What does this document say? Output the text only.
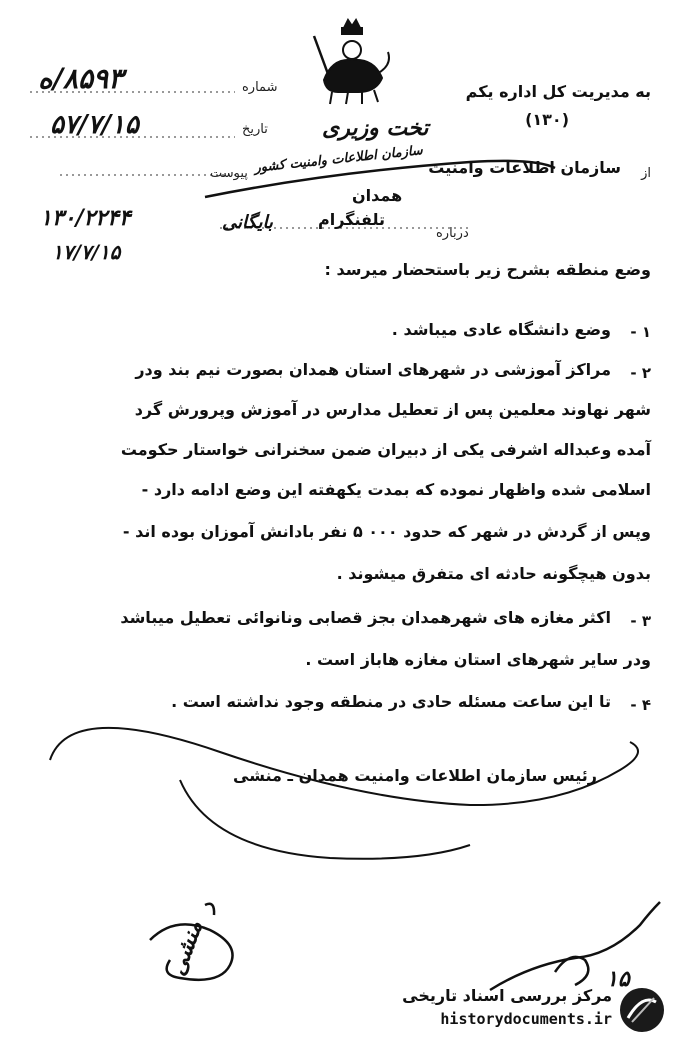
به مدیریت کل اداره یکم
(۱۳۰)
از
سازمان اطلاعات وامنیت
تخت وزیری
سازمان اطلاعات وامنیت کشور
همدان
تلفنگرام
درباره
بایگانی
شماره
۸۵۹۳/ه
تاریخ
۵۷/۷/۱۵
پیوست
۱۳۰/۲۲۴۴
۱۷/۷/۱۵
وضع منطقه بشرح زیر باستحضار میرسد :
۱ -
وضع دانشگاه عادی میباشد .
۲ -
مراکز آموزشی در شهرهای استان همدان بصورت نیم بند ودر
شهر نهاوند معلمین پس از تعطیل مدارس در آموزش وپرورش گرد
آمده وعبداله اشرفی یکی از دبیران ضمن سخنرانی خواستار حکومت
اسلامی شده واظهار نموده که بمدت یکهفته این وضع ادامه دارد -
وپس از گردش در شهر که حدود ۰۰۰ ۵ نفر بادانش آموزان بوده اند -
بدون هیچگونه حادثه ای متفرق میشوند .
۳ -
اکثر مغازه های شهرهمدان بجز قصابی ونانوائی تعطیل میباشد
ودر سایر شهرهای استان مغازه هاباز است .
۴ -
تا این ساعت مسئله حادی در منطقه وجود نداشته است .
رئیس سازمان اطلاعات وامنیت همدان ـ منشی
منشی
۱۵
مرکز بررسی اسناد تاریخی
historydocuments.ir
